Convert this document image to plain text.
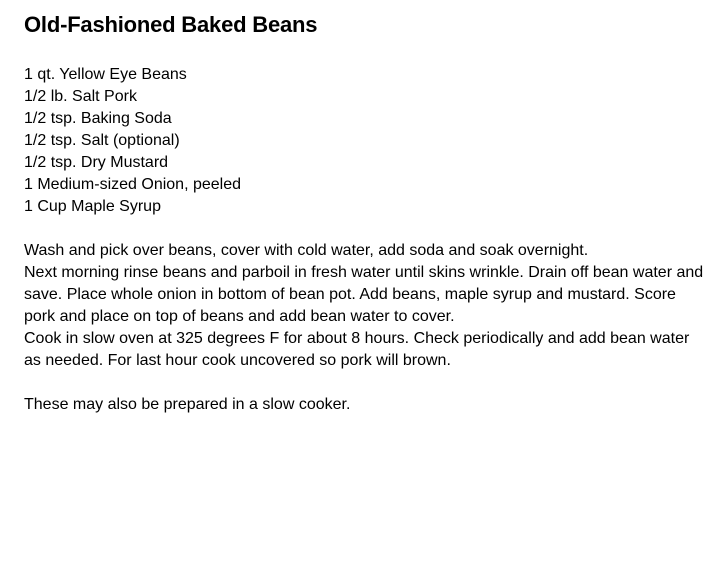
Old-Fashioned Baked Beans
1 qt. Yellow Eye Beans
1/2 lb. Salt Pork
1/2 tsp. Baking Soda
1/2 tsp. Salt (optional)
1/2 tsp. Dry Mustard
1 Medium-sized Onion, peeled
1 Cup Maple Syrup

Wash and pick over beans, cover with cold water, add soda and soak overnight.

Next morning rinse beans and parboil in fresh water until skins wrinkle. Drain off bean water and save. Place whole onion in bottom of bean pot. Add beans, maple syrup and mustard. Score pork and place on top of beans and add bean water to cover.

Cook in slow oven at 325 degrees F for about 8 hours. Check periodically and add bean water as needed. For last hour cook uncovered so pork will brown.

These may also be prepared in a slow cooker.
